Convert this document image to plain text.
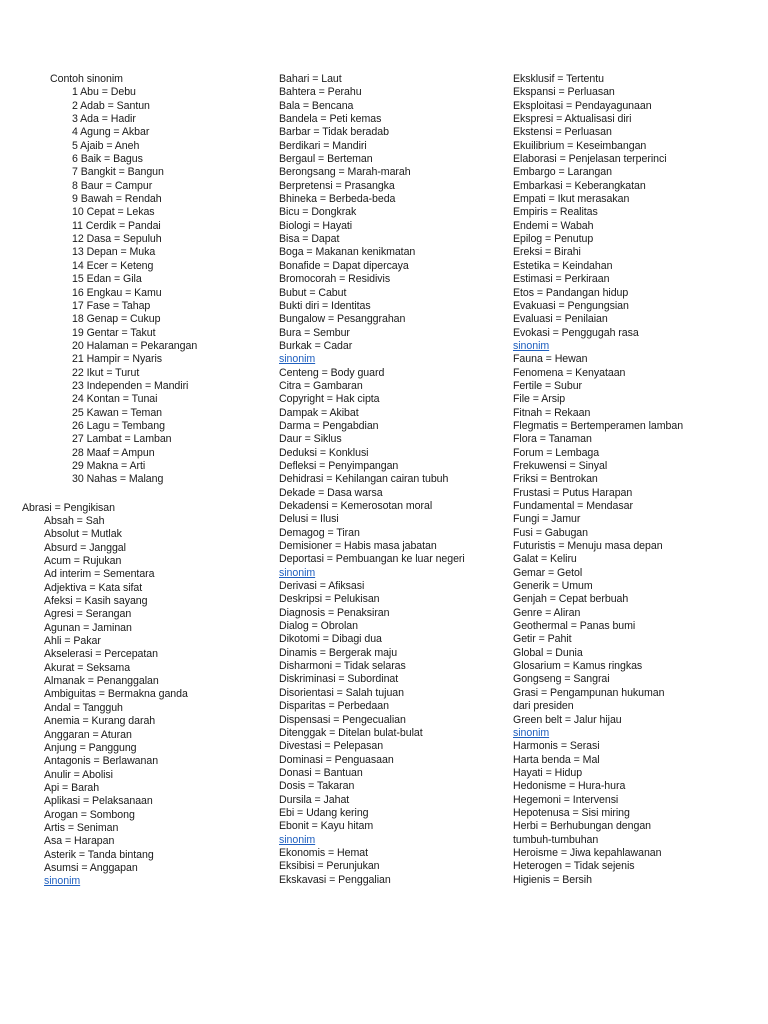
Contoh sinonim
1 Abu = Debu
2 Adab = Santun
3 Ada = Hadir
4 Agung = Akbar
5 Ajaib = Aneh
6 Baik = Bagus
7 Bangkit = Bangun
8 Baur = Campur
9 Bawah = Rendah
10 Cepat = Lekas
11 Cerdik = Pandai
12 Dasa = Sepuluh
13 Depan = Muka
14 Ecer = Keteng
15 Edan = Gila
16 Engkau = Kamu
17 Fase = Tahap
18 Genap = Cukup
19 Gentar = Takut
20 Halaman = Pekarangan
21 Hampir = Nyaris
22 Ikut = Turut
23 Independen = Mandiri
24 Kontan = Tunai
25 Kawan = Teman
26 Lagu = Tembang
27 Lambat = Lamban
28 Maaf = Ampun
29 Makna = Arti
30 Nahas = Malang
Abrasi = Pengikisan
Absah = Sah
Absolut = Mutlak
Absurd = Janggal
Acum = Rujukan
Ad interim = Sementara
Adjektiva = Kata sifat
Afeksi = Kasih sayang
Agresi = Serangan
Agunan = Jaminan
Ahli = Pakar
Akselerasi = Percepatan
Akurat = Seksama
Almanak = Penanggalan
Ambiguitas = Bermakna ganda
Andal = Tangguh
Anemia = Kurang darah
Anggaran = Aturan
Anjung = Panggung
Antagonis = Berlawanan
Anulir = Abolisi
Api = Barah
Aplikasi = Pelaksanaan
Arogan = Sombong
Artis = Seniman
Asa = Harapan
Asterik = Tanda bintang
Asumsi = Anggapan
sinonim
Bahari = Laut
Bahtera = Perahu
Bala = Bencana
Bandela = Peti kemas
Barbar = Tidak beradab
Berdikari = Mandiri
Bergaul = Berteman
Berongsang = Marah-marah
Berpretensi = Prasangka
Bhineka = Berbeda-beda
Bicu = Dongkrak
Biologi = Hayati
Bisa = Dapat
Boga = Makanan kenikmatan
Bonafide = Dapat dipercaya
Bromocorah = Residivis
Bubut = Cabut
Bukti diri = Identitas
Bungalow = Pesanggrahan
Bura = Sembur
Burkak = Cadar
sinonim
Centeng = Body guard
Citra = Gambaran
Copyright = Hak cipta
Dampak = Akibat
Darma = Pengabdian
Daur = Siklus
Deduksi = Konklusi
Defleksi = Penyimpangan
Dehidrasi = Kehilangan cairan tubuh
Dekade = Dasa warsa
Dekadensi = Kemerosotan moral
Delusi = Ilusi
Demagog = Tiran
Demisioner = Habis masa jabatan
Deportasi = Pembuangan ke luar negeri
sinonim
Derivasi = Afiksasi
Deskripsi = Pelukisan
Diagnosis = Penaksiran
Dialog = Obrolan
Dikotomi = Dibagi dua
Dinamis = Bergerak maju
Disharmoni = Tidak selaras
Diskriminasi = Subordinat
Disorientasi = Salah tujuan
Disparitas = Perbedaan
Dispensasi = Pengecualian
Ditenggak = Ditelan bulat-bulat
Divestasi = Pelepasan
Dominasi = Penguasaan
Donasi = Bantuan
Dosis = Takaran
Dursila = Jahat
Ebi = Udang kering
Ebonit = Kayu hitam
sinonim
Ekonomis = Hemat
Eksibisi = Perunjukan
Ekskavasi = Penggalian
Eksklusif = Tertentu
Ekspansi = Perluasan
Eksploitasi = Pendayagunaan
Ekspresi = Aktualisasi diri
Ekstensi = Perluasan
Ekuilibrium = Keseimbangan
Elaborasi = Penjelasan terperinci
Embargo = Larangan
Embarkasi = Keberangkatan
Empati = Ikut merasakan
Empiris = Realitas
Endemi = Wabah
Epilog = Penutup
Ereksi = Birahi
Estetika = Keindahan
Estimasi = Perkiraan
Etos = Pandangan hidup
Evakuasi = Pengungsian
Evaluasi = Penilaian
Evokasi = Penggugah rasa
sinonim
Fauna = Hewan
Fenomena = Kenyataan
Fertile = Subur
File = Arsip
Fitnah = Rekaan
Flegmatis = Bertemperamen lamban
Flora = Tanaman
Forum = Lembaga
Frekuwensi = Sinyal
Friksi = Bentrokan
Frustasi = Putus Harapan
Fundamental = Mendasar
Fungi = Jamur
Fusi = Gabugan
Futuristis = Menuju masa depan
Galat = Keliru
Gemar = Getol
Generik = Umum
Genjah = Cepat berbuah
Genre = Aliran
Geothermal = Panas bumi
Getir = Pahit
Global = Dunia
Glosarium = Kamus ringkas
Gongseng = Sangrai
Grasi = Pengampunan hukuman
dari presiden
Green belt = Jalur hijau
sinonim
Harmonis = Serasi
Harta benda = Mal
Hayati = Hidup
Hedonisme = Hura-hura
Hegemoni = Intervensi
Hepotenusa = Sisi miring
Herbi = Berhubungan dengan
tumbuh-tumbuhan
Heroisme = Jiwa kepahlawanan
Heterogen = Tidak sejenis
Higienis = Bersih
